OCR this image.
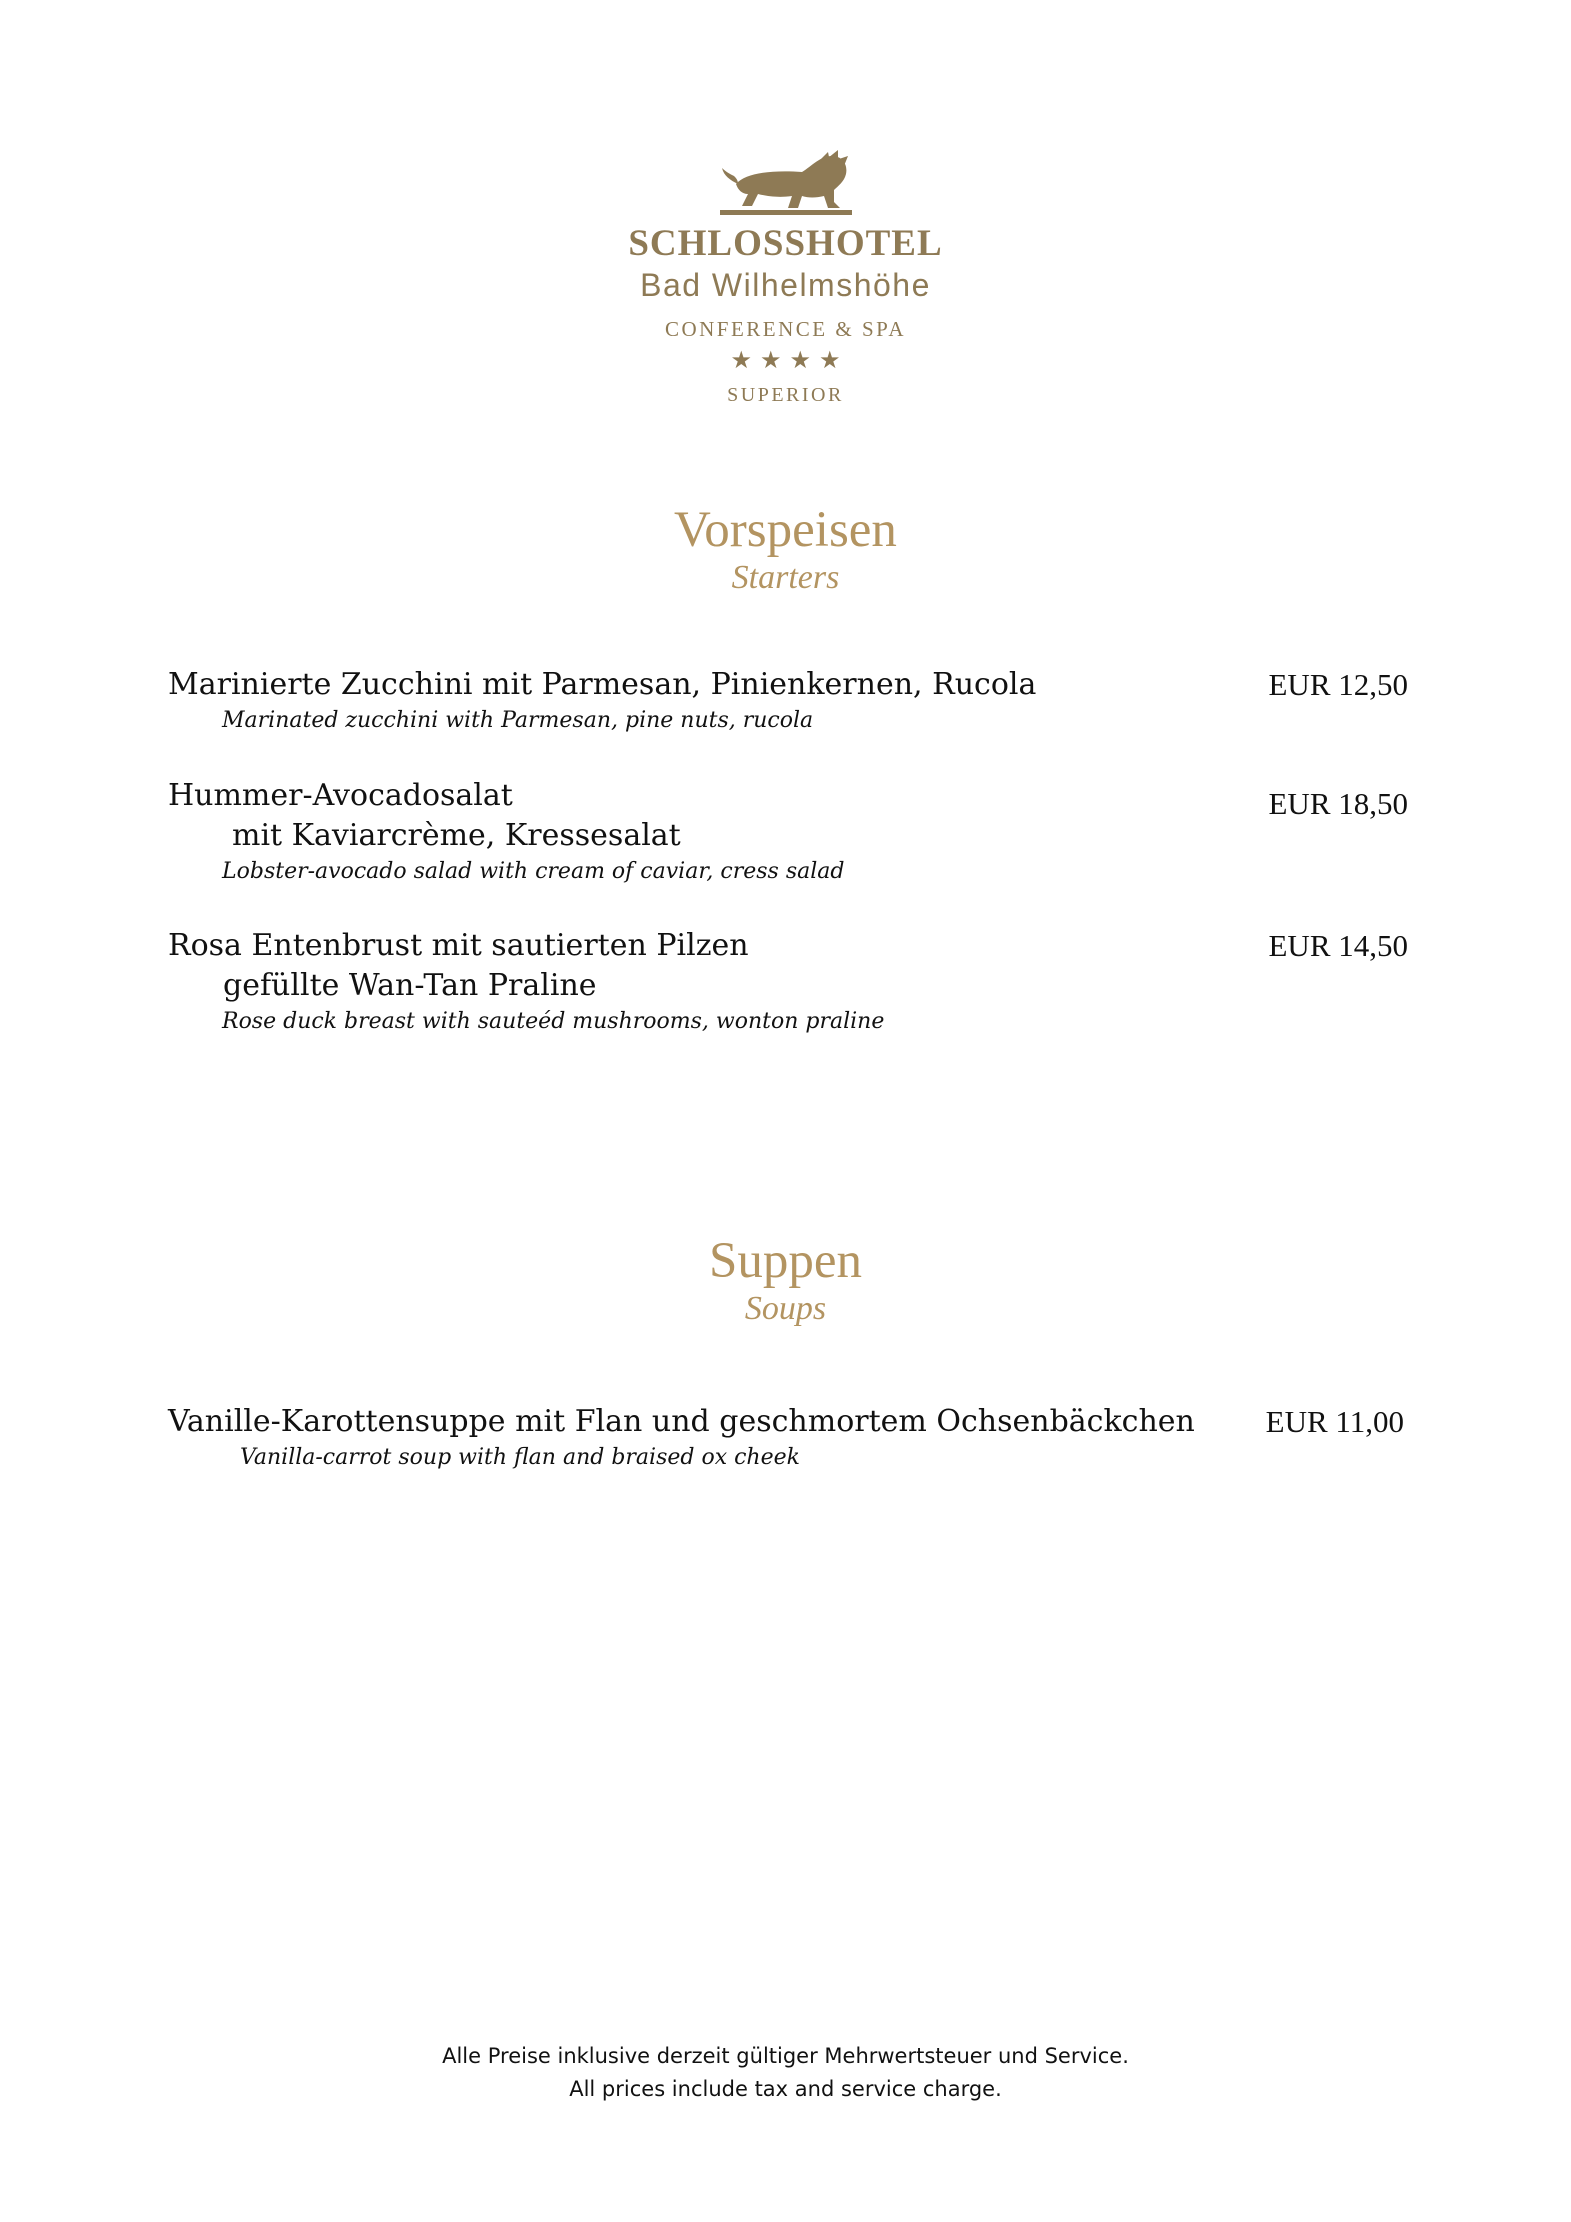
SCHLOSSHOTEL
Bad Wilhelmshöhe
CONFERENCE & SPA
★★★★
SUPERIOR
Vorspeisen
Starters
Marinierte Zucchini mit Parmesan, Pinienkernen, Rucola
Marinated zucchini with Parmesan, pine nuts, rucola
EUR 12,50
Hummer-Avocadosalat
mit Kaviarcrème, Kressesalat
Lobster-avocado salad with cream of caviar, cress salad
EUR 18,50
Rosa Entenbrust mit sautierten Pilzen
gefüllte Wan-Tan Praline
Rose duck breast with sauteéd mushrooms, wonton praline
EUR 14,50
Suppen
Soups
Vanille-Karottensuppe mit Flan und geschmortem Ochsenbäckchen
Vanilla-carrot soup with flan and braised ox cheek
EUR 11,00
Alle Preise inklusive derzeit gültiger Mehrwertsteuer und Service.
All prices include tax and service charge.
